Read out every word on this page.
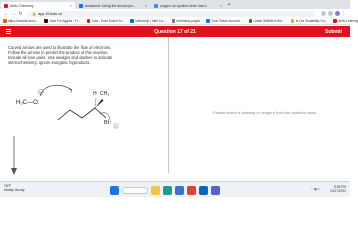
Aktiv Chemistry	×	Answered: Using the arrows pro... ×	oxygen ion symbol when has e...	×	+
← → ↻	🔒 app.101edu.co	⋮
https://canvas.annu...	Jobs For Aggies - Fr...	Jobs - Exxo Mobil Ho...	Internship | Intel Ca...	Internship pages	Your Online Account...	Urban Wildlife in the...	Is Our Scalability Hu...	Aktiv Learning
Question 17 of 21	Submit
Curved arrows are used to illustrate the flow of electrons. Follow the arrows to predict the product of this reaction. Include all lone pairs. Use wedges and dashes to indicate stereochemistry. Ignore inorganic byproducts.
H₃C—O:
−	H CH₃
Br:
+
Please select a drawing or reagent from the question area.
78°F
Mostly cloudy	⌃ ▦ ◐	5:08 PM
10/17/2022
